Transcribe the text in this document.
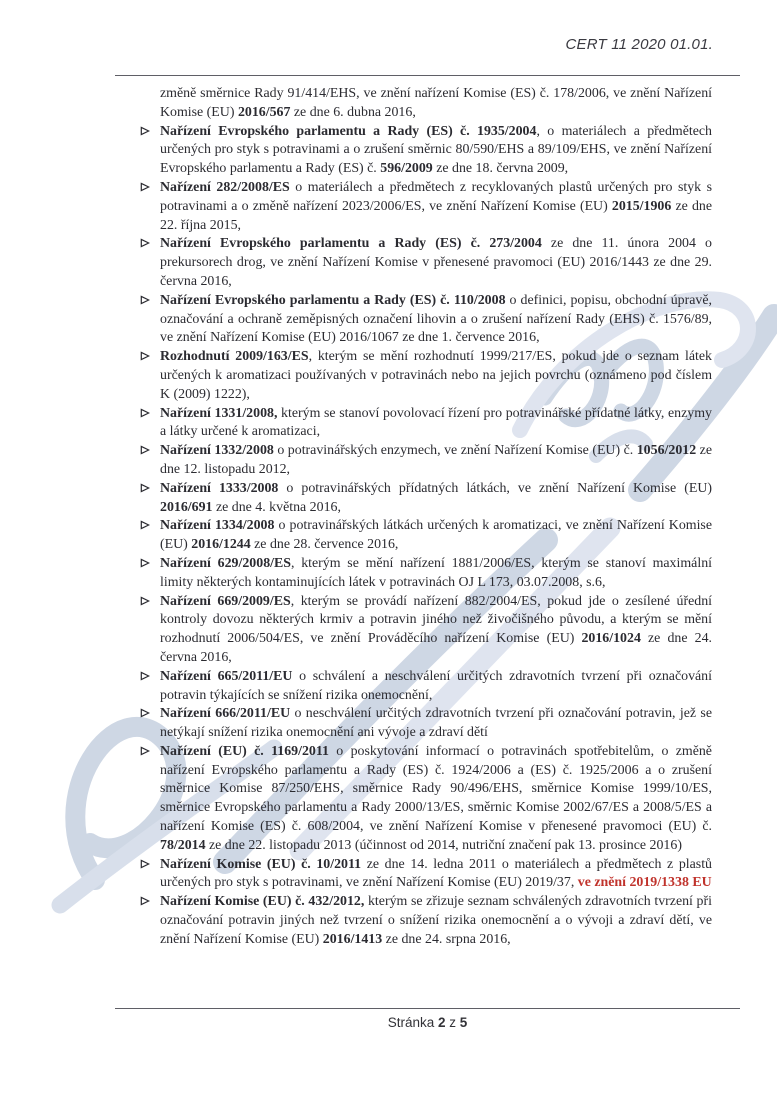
CERT 11 2020 01.01.

změně směrnice Rady 91/414/EHS, ve znění nařízení Komise (ES) č. 178/2006, ve znění Nařízení Komise (EU) 2016/567 ze dne 6. dubna 2016,

Nařízení Evropského parlamentu a Rady (ES) č. 1935/2004, o materiálech a předmětech určených pro styk s potravinami a o zrušení směrnic 80/590/EHS a 89/109/EHS, ve znění Nařízení Evropského parlamentu a Rady (ES) č. 596/2009 ze dne 18. června 2009,

Nařízení 282/2008/ES o materiálech a předmětech z recyklovaných plastů určených pro styk s potravinami a o změně nařízení 2023/2006/ES, ve znění Nařízení Komise (EU) 2015/1906 ze dne 22. října 2015,

Nařízení Evropského parlamentu a Rady (ES) č. 273/2004 ze dne 11. února 2004 o prekursorech drog, ve znění Nařízení Komise v přenesené pravomoci (EU) 2016/1443 ze dne 29. června 2016,

Nařízení Evropského parlamentu a Rady (ES) č. 110/2008 o definici, popisu, obchodní úpravě, označování a ochraně zeměpisných označení lihovin a o zrušení nařízení Rady (EHS) č. 1576/89, ve znění Nařízení Komise (EU) 2016/1067 ze dne 1. července 2016,

Rozhodnutí 2009/163/ES, kterým se mění rozhodnutí 1999/217/ES, pokud jde o seznam látek určených k aromatizaci používaných v potravinách nebo na jejich povrchu (oznámeno pod číslem K (2009) 1222),

Nařízení 1331/2008, kterým se stanoví povolovací řízení pro potravinářské přídatné látky, enzymy a látky určené k aromatizaci,

Nařízení 1332/2008 o potravinářských enzymech, ve znění Nařízení Komise (EU) č. 1056/2012 ze dne 12. listopadu 2012,

Nařízení 1333/2008 o potravinářských přídatných látkách, ve znění Nařízení Komise (EU) 2016/691 ze dne 4. května 2016,

Nařízení 1334/2008 o potravinářských látkách určených k aromatizaci, ve znění Nařízení Komise (EU) 2016/1244 ze dne 28. července 2016,

Nařízení 629/2008/ES, kterým se mění nařízení 1881/2006/ES, kterým se stanoví maximální limity některých kontaminujících látek v potravinách OJ L 173, 03.07.2008, s.6,

Nařízení 669/2009/ES, kterým se provádí nařízení 882/2004/ES, pokud jde o zesílené úřední kontroly dovozu některých krmiv a potravin jiného než živočišného původu, a kterým se mění rozhodnutí 2006/504/ES, ve znění Prováděcího nařízení Komise (EU) 2016/1024 ze dne 24. června 2016,

Nařízení 665/2011/EU o schválení a neschválení určitých zdravotních tvrzení při označování potravin týkajících se snížení rizika onemocnění,

Nařízení 666/2011/EU o neschválení určitých zdravotních tvrzení při označování potravin, jež se netýkají snížení rizika onemocnění ani vývoje a zdraví dětí

Nařízení (EU) č. 1169/2011 o poskytování informací o potravinách spotřebitelům, o změně nařízení Evropského parlamentu a Rady (ES) č. 1924/2006 a (ES) č. 1925/2006 a o zrušení směrnice Komise 87/250/EHS, směrnice Rady 90/496/EHS, směrnice Komise 1999/10/ES, směrnice Evropského parlamentu a Rady 2000/13/ES, směrnic Komise 2002/67/ES a 2008/5/ES a nařízení Komise (ES) č. 608/2004, ve znění Nařízení Komise v přenesené pravomoci (EU) č. 78/2014 ze dne 22. listopadu 2013 (účinnost od 2014, nutriční značení pak 13. prosince 2016)

Nařízení Komise (EU) č. 10/2011 ze dne 14. ledna 2011 o materiálech a předmětech z plastů určených pro styk s potravinami, ve znění Nařízení Komise (EU) 2019/37, ve znění 2019/1338 EU

Nařízení Komise (EU) č. 432/2012, kterým se zřizuje seznam schválených zdravotních tvrzení při označování potravin jiných než tvrzení o snížení rizika onemocnění a o vývoji a zdraví dětí, ve znění Nařízení Komise (EU) 2016/1413 ze dne 24. srpna 2016,

Stránka 2 z 5
